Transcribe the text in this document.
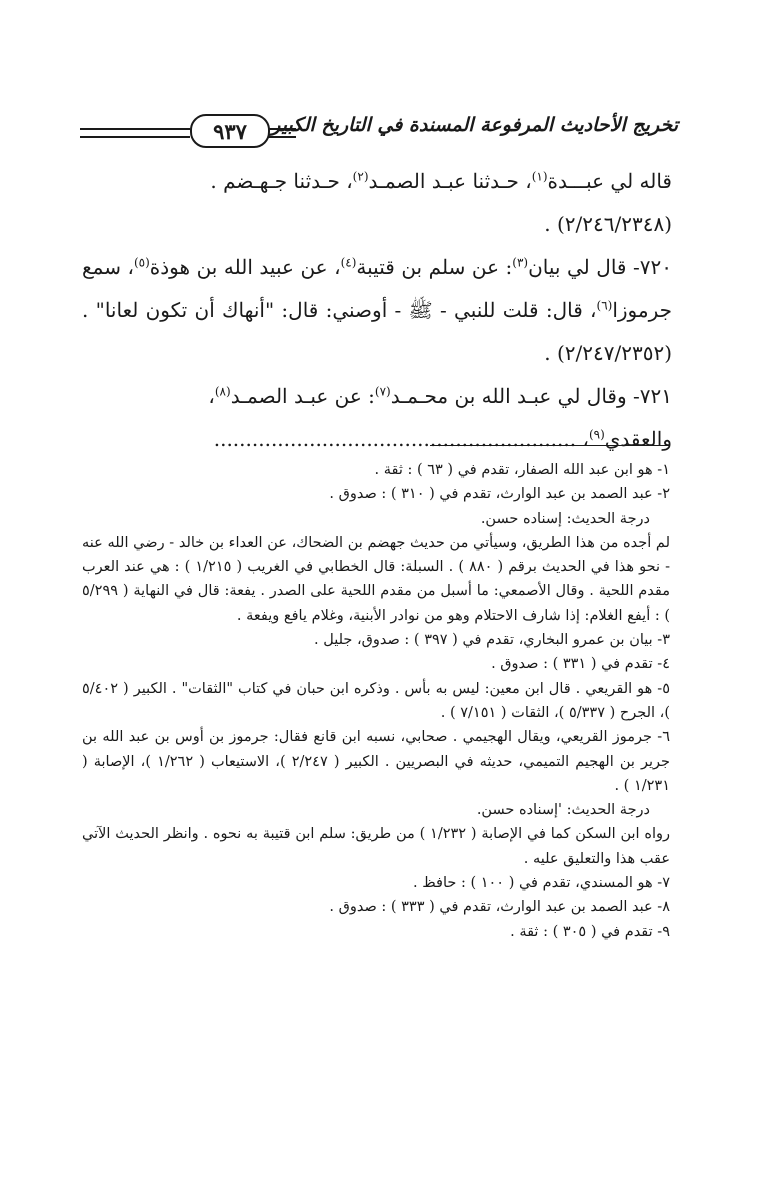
تخريج الأحاديث المرفوعة المسندة في التاريخ الكبير
٩٣٧

قاله لي عبـــدة$^{(١)}$، حـدثنا عبـد الصمـد$^{(٢)}$، حـدثنا جـهـضم .
(٢/٢٤٦/٢٣٤٨) .

٧٢٠- قال لي بيان$^{(٣)}$: عن سلم بن قتيبة$^{(٤)}$، عن عبيد الله بن هوذة$^{(٥)}$، سمع جرموزا$^{(٦)}$، قال: قلت للنبي - ﷺ - أوصني: قال: "أنهاك أن تكون لعانا" . (٢/٢٤٧/٢٣٥٢) .

٧٢١- وقال لي عبـد الله بن محـمـد$^{(٧)}$: عن عبـد الصمـد$^{(٨)}$،
والعقدي$^{(٩)}$، .........................................................

١- هو ابن عبد الله الصفار، تقدم في ( ٦٣ ) : ثقة .

٢- عبد الصمد بن عبد الوارث، تقدم في ( ٣١٠ ) : صدوق .

درجة الحديث: إسناده حسن.

لم أجده من هذا الطريق، وسيأتي من حديث جهضم بن الضحاك، عن العداء بن خالد - رضي الله عنه - نحو هذا في الحديث برقم ( ٨٨٠ ) . السبلة: قال الخطابي في الغريب ( ١/٢١٥ ) : هي عند العرب مقدم اللحية . وقال الأصمعي: ما أسبل من مقدم اللحية على الصدر . يفعة: قال في النهاية ( ٥/٢٩٩ ) : أيفع الغلام: إذا شارف الاحتلام وهو من نوادر الأبنية، وغلام يافع ويفعة .

٣- بيان بن عمرو البخاري، تقدم في ( ٣٩٧ ) : صدوق، جليل .

٤- تقدم في ( ٣٣١ ) : صدوق .

٥- هو القريعي . قال ابن معين: ليس به بأس . وذكره ابن حبان في كتاب "الثقات" . الكبير ( ٥/٤٠٢ )، الجرح ( ٥/٣٣٧ )، الثقات ( ٧/١٥١ ) .

٦- جرموز القريعي، ويقال الهجيمي . صحابي، نسبه ابن قانع فقال: جرموز بن أوس بن عبد الله بن جرير بن الهجيم التميمي، حديثه في البصريين . الكبير ( ٢/٢٤٧ )، الاستيعاب ( ١/٢٦٢ )، الإصابة ( ١/٢٣١ ) .

درجة الحديث: 'إسناده حسن.

رواه ابن السكن كما في الإصابة ( ١/٢٣٢ ) من طريق: سلم ابن قتيبة به نحوه . وانظر الحديث الآتي عقب هذا والتعليق عليه .

٧- هو المسندي، تقدم في ( ١٠٠ ) : حافظ .

٨- عبد الصمد بن عبد الوارث، تقدم في ( ٣٣٣ ) : صدوق .

٩- تقدم في ( ٣٠٥ ) : ثقة .
